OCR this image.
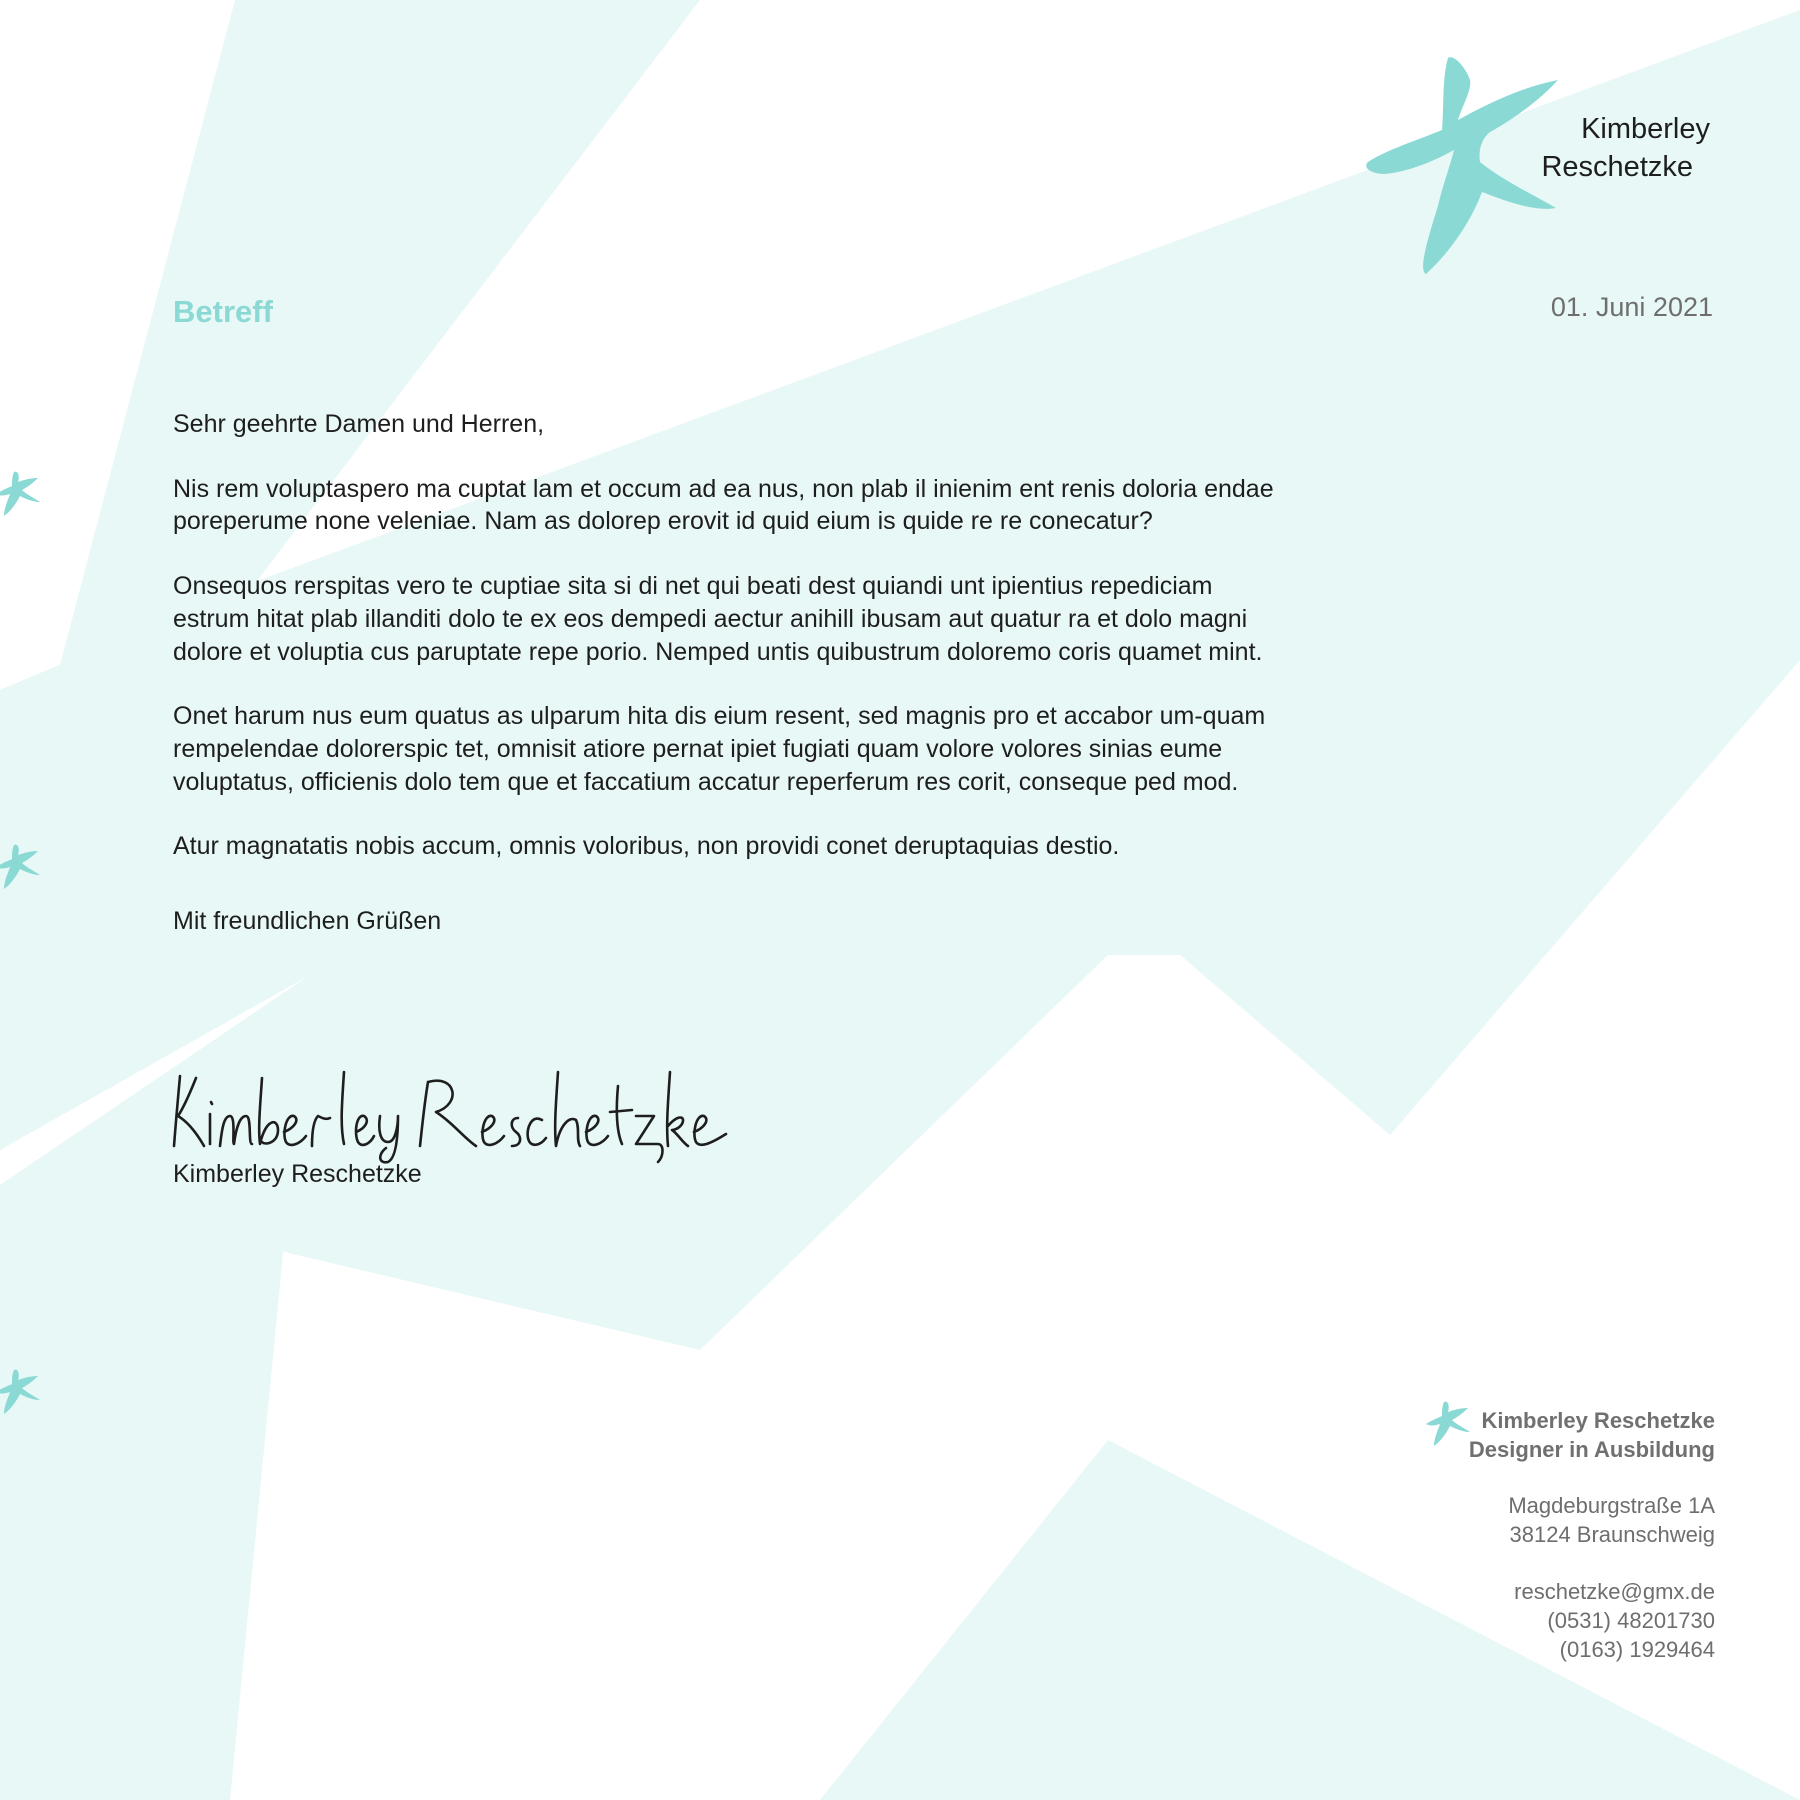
Kimberley
Reschetzke
01. Juni 2021
Betreff

Sehr geehrte Damen und Herren,

Nis rem voluptaspero ma cuptat lam et occum ad ea nus, non plab il inienim ent renis doloria endae poreperume none veleniae. Nam as dolorep erovit id quid eium is quide re re conecatur?

Onsequos rerspitas vero te cuptiae sita si di net qui beati dest quiandi unt ipientius repediciam estrum hitat plab illanditi dolo te ex eos dempedi aectur anihill ibusam aut quatur ra et dolo magni dolore et voluptia cus paruptate repe porio. Nemped untis quibustrum doloremo coris quamet mint.

Onet harum nus eum quatus as ulparum hita dis eium resent, sed magnis pro et accabor um-quam rempelendae dolorerspic tet, omnisit atiore pernat ipiet fugiati quam volore volores sinias eume voluptatus, officienis dolo tem que et faccatium accatur reperferum res corit, conseque ped mod.

Atur magnatatis nobis accum, omnis voloribus, non providi conet deruptaquias destio.

Mit freundlichen Grüßen

Kimberley Reschetzke
Kimberley Reschetzke
Designer in Ausbildung
Magdeburgstraße 1A
38124 Braunschweig
reschetzke@gmx.de
(0531) 48201730
(0163) 1929464
